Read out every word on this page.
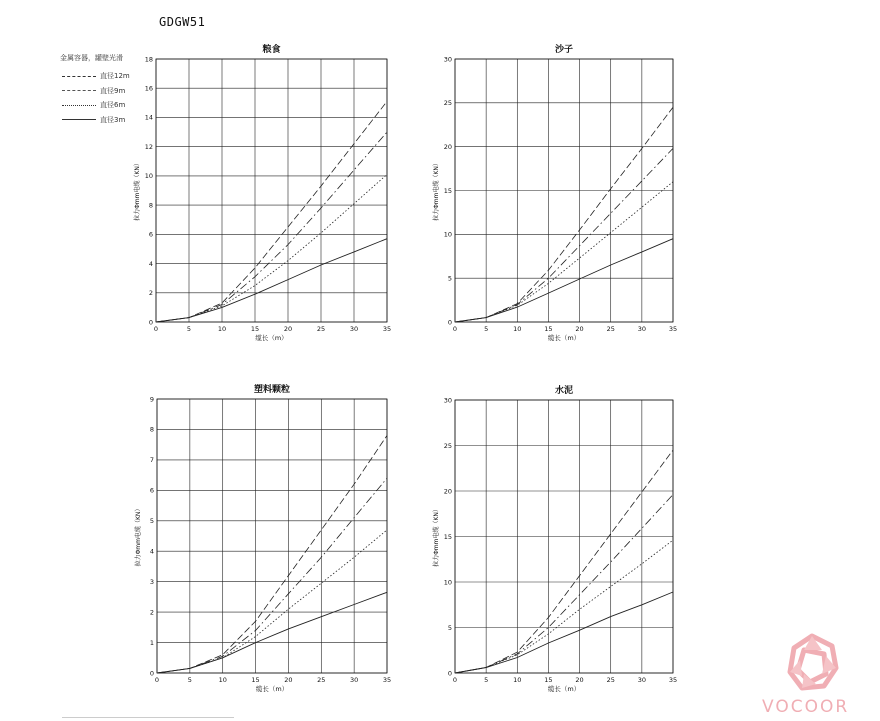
GDGW51
金属容器，罐壁光滑
直径12m
直径9m
直径6m
直径3m
0	5	10	15	20	25	30	35
0
2
4
6
8
10
12
14
16
18
粮食
缆长（m）
拉力Φmm电缆（KN）
0	5	10	15	20	25	30	35
0
5
10
15
20
25
30
沙子
缆长（m）
拉力Φmm电缆（KN）
0	5	10	15	20	25	30	35
0
1
2
3
4
5
6
7
8
9
塑料颗粒
缆长（m）
拉力Φmm电缆（KN）
0	5	10	15	20	25	30	35
0
5
10
15
20
25
30
水泥
缆长（m）
拉力Φmm电缆（KN）
VOCOOR
